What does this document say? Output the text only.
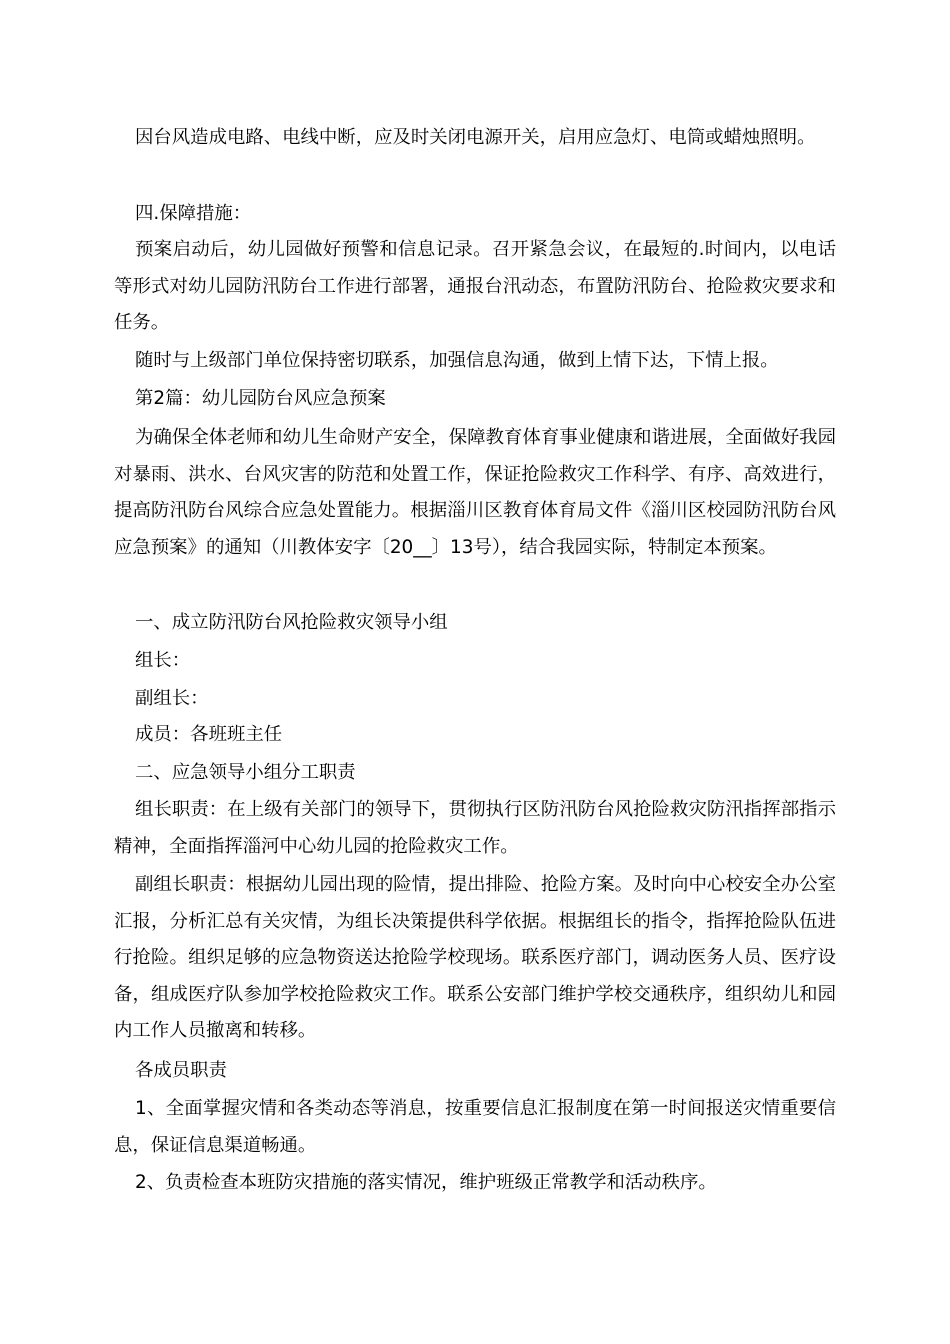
因台风造成电路、电线中断，应及时关闭电源开关，启用应急灯、电筒或蜡烛照明。

四.保障措施：

预案启动后，幼儿园做好预警和信息记录。召开紧急会议，在最短的.时间内，以电话等形式对幼儿园防汛防台工作进行部署，通报台汛动态，布置防汛防台、抢险救灾要求和任务。

随时与上级部门单位保持密切联系，加强信息沟通，做到上情下达，下情上报。

第2篇：幼儿园防台风应急预案

为确保全体老师和幼儿生命财产安全，保障教育体育事业健康和谐进展，全面做好我园对暴雨、洪水、台风灾害的防范和处置工作，保证抢险救灾工作科学、有序、高效进行，提高防汛防台风综合应急处置能力。根据淄川区教育体育局文件《淄川区校园防汛防台风应急预案》的通知（川教体安字〔20__〕13号），结合我园实际，特制定本预案。

一、成立防汛防台风抢险救灾领导小组

组长：

副组长：

成员：各班班主任

二、应急领导小组分工职责

组长职责：在上级有关部门的领导下，贯彻执行区防汛防台风抢险救灾防汛指挥部指示精神，全面指挥淄河中心幼儿园的抢险救灾工作。

副组长职责：根据幼儿园出现的险情，提出排险、抢险方案。及时向中心校安全办公室汇报，分析汇总有关灾情，为组长决策提供科学依据。根据组长的指令，指挥抢险队伍进行抢险。组织足够的应急物资送达抢险学校现场。联系医疗部门，调动医务人员、医疗设备，组成医疗队参加学校抢险救灾工作。联系公安部门维护学校交通秩序，组织幼儿和园内工作人员撤离和转移。

各成员职责

1、全面掌握灾情和各类动态等消息，按重要信息汇报制度在第一时间报送灾情重要信息，保证信息渠道畅通。

2、负责检查本班防灾措施的落实情况，维护班级正常教学和活动秩序。
